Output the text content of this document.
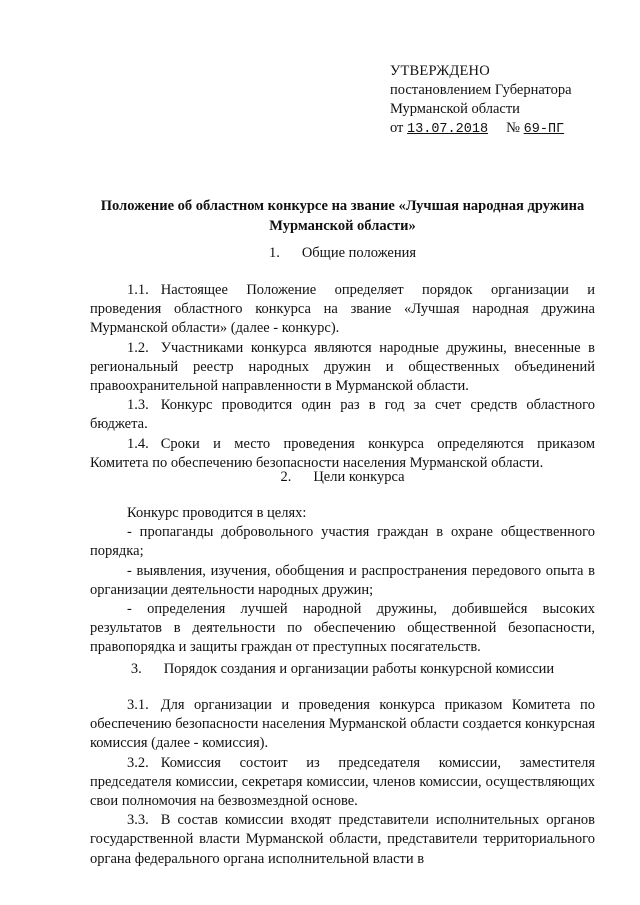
УТВЕРЖДЕНО
постановлением Губернатора
Мурманской области
от 13.07.2018 № 69-ПГ
Положение об областном конкурсе на звание «Лучшая народная дружина Мурманской области»
1. Общие положения

1.1. Настоящее Положение определяет порядок организации и проведения областного конкурса на звание «Лучшая народная дружина Мурманской области» (далее - конкурс).

1.2. Участниками конкурса являются народные дружины, внесенные в региональный реестр народных дружин и общественных объединений правоохранительной направленности в Мурманской области.

1.3. Конкурс проводится один раз в год за счет средств областного бюджета.

1.4. Сроки и место проведения конкурса определяются приказом Комитета по обеспечению безопасности населения Мурманской области.

2. Цели конкурса

Конкурс проводится в целях:

- пропаганды добровольного участия граждан в охране общественного порядка;

- выявления, изучения, обобщения и распространения передового опыта в организации деятельности народных дружин;

- определения лучшей народной дружины, добившейся высоких результатов в деятельности по обеспечению общественной безопасности, правопорядка и защиты граждан от преступных посягательств.

3. Порядок создания и организации работы конкурсной комиссии

3.1. Для организации и проведения конкурса приказом Комитета по обеспечению безопасности населения Мурманской области создается конкурсная комиссия (далее - комиссия).

3.2. Комиссия состоит из председателя комиссии, заместителя председателя комиссии, секретаря комиссии, членов комиссии, осуществляющих свои полномочия на безвозмездной основе.

3.3. В состав комиссии входят представители исполнительных органов государственной власти Мурманской области, представители территориального органа федерального органа исполнительной власти в
